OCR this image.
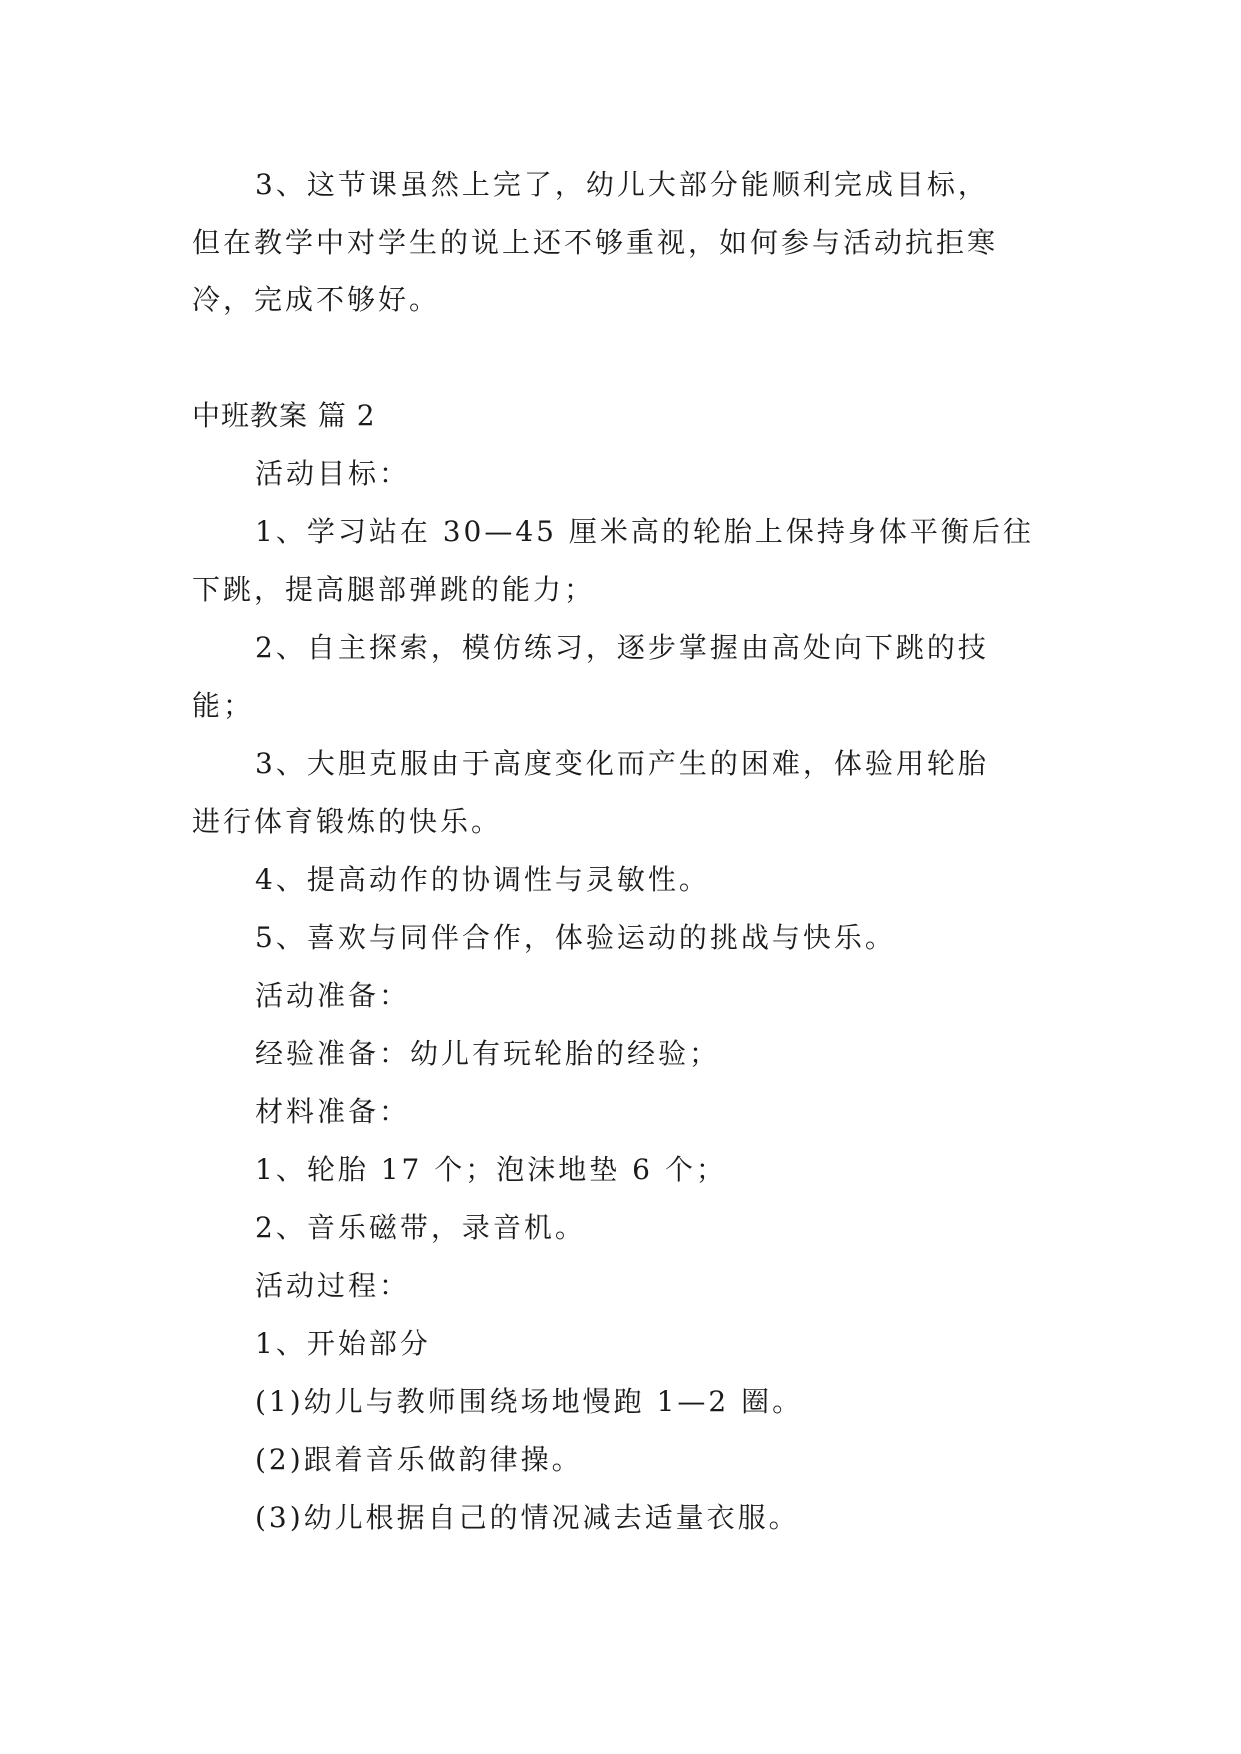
3、这节课虽然上完了，幼儿大部分能顺利完成目标，
但在教学中对学生的说上还不够重视，如何参与活动抗拒寒
冷，完成不够好。
中班教案 篇 2
活动目标：
1、学习站在 30—45 厘米高的轮胎上保持身体平衡后往
下跳，提高腿部弹跳的能力；
2、自主探索，模仿练习，逐步掌握由高处向下跳的技
能；
3、大胆克服由于高度变化而产生的困难，体验用轮胎
进行体育锻炼的快乐。
4、提高动作的协调性与灵敏性。
5、喜欢与同伴合作，体验运动的挑战与快乐。
活动准备：
经验准备：幼儿有玩轮胎的经验；
材料准备：
1、轮胎 17 个；泡沫地垫 6 个；
2、音乐磁带，录音机。
活动过程：
1、开始部分
(1)幼儿与教师围绕场地慢跑 1—2 圈。
(2)跟着音乐做韵律操。
(3)幼儿根据自己的情况减去适量衣服。
